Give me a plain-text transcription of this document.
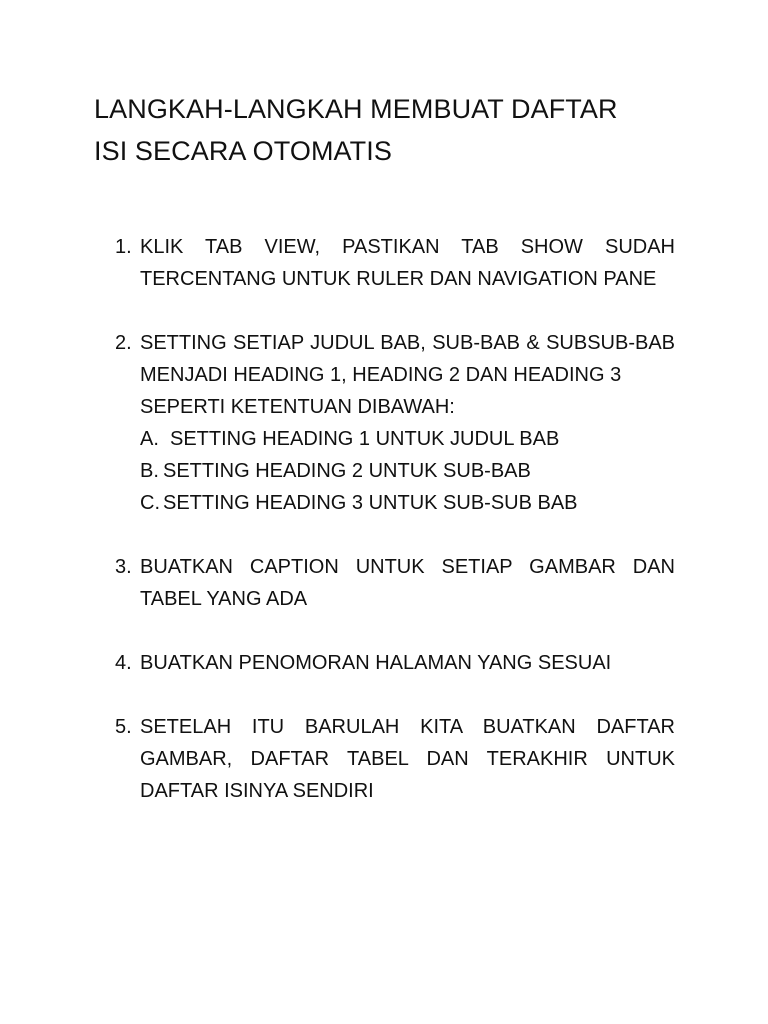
LANGKAH-LANGKAH MEMBUAT DAFTAR
ISI SECARA OTOMATIS
1. KLIK TAB VIEW, PASTIKAN TAB SHOW SUDAH TERCENTANG UNTUK RULER DAN NAVIGATION PANE

2. SETTING SETIAP JUDUL BAB, SUB-BAB & SUBSUB-BAB MENJADI HEADING 1, HEADING 2 DAN HEADING 3

SEPERTI KETENTUAN DIBAWAH:

A. SETTING HEADING 1 UNTUK JUDUL BAB
B. SETTING HEADING 2 UNTUK SUB-BAB
C. SETTING HEADING 3 UNTUK SUB-SUB BAB
3. BUATKAN CAPTION UNTUK SETIAP GAMBAR DAN TABEL YANG ADA

4. BUATKAN PENOMORAN HALAMAN YANG SESUAI

5. SETELAH ITU BARULAH KITA BUATKAN DAFTAR GAMBAR, DAFTAR TABEL DAN TERAKHIR UNTUK DAFTAR ISINYA SENDIRI
